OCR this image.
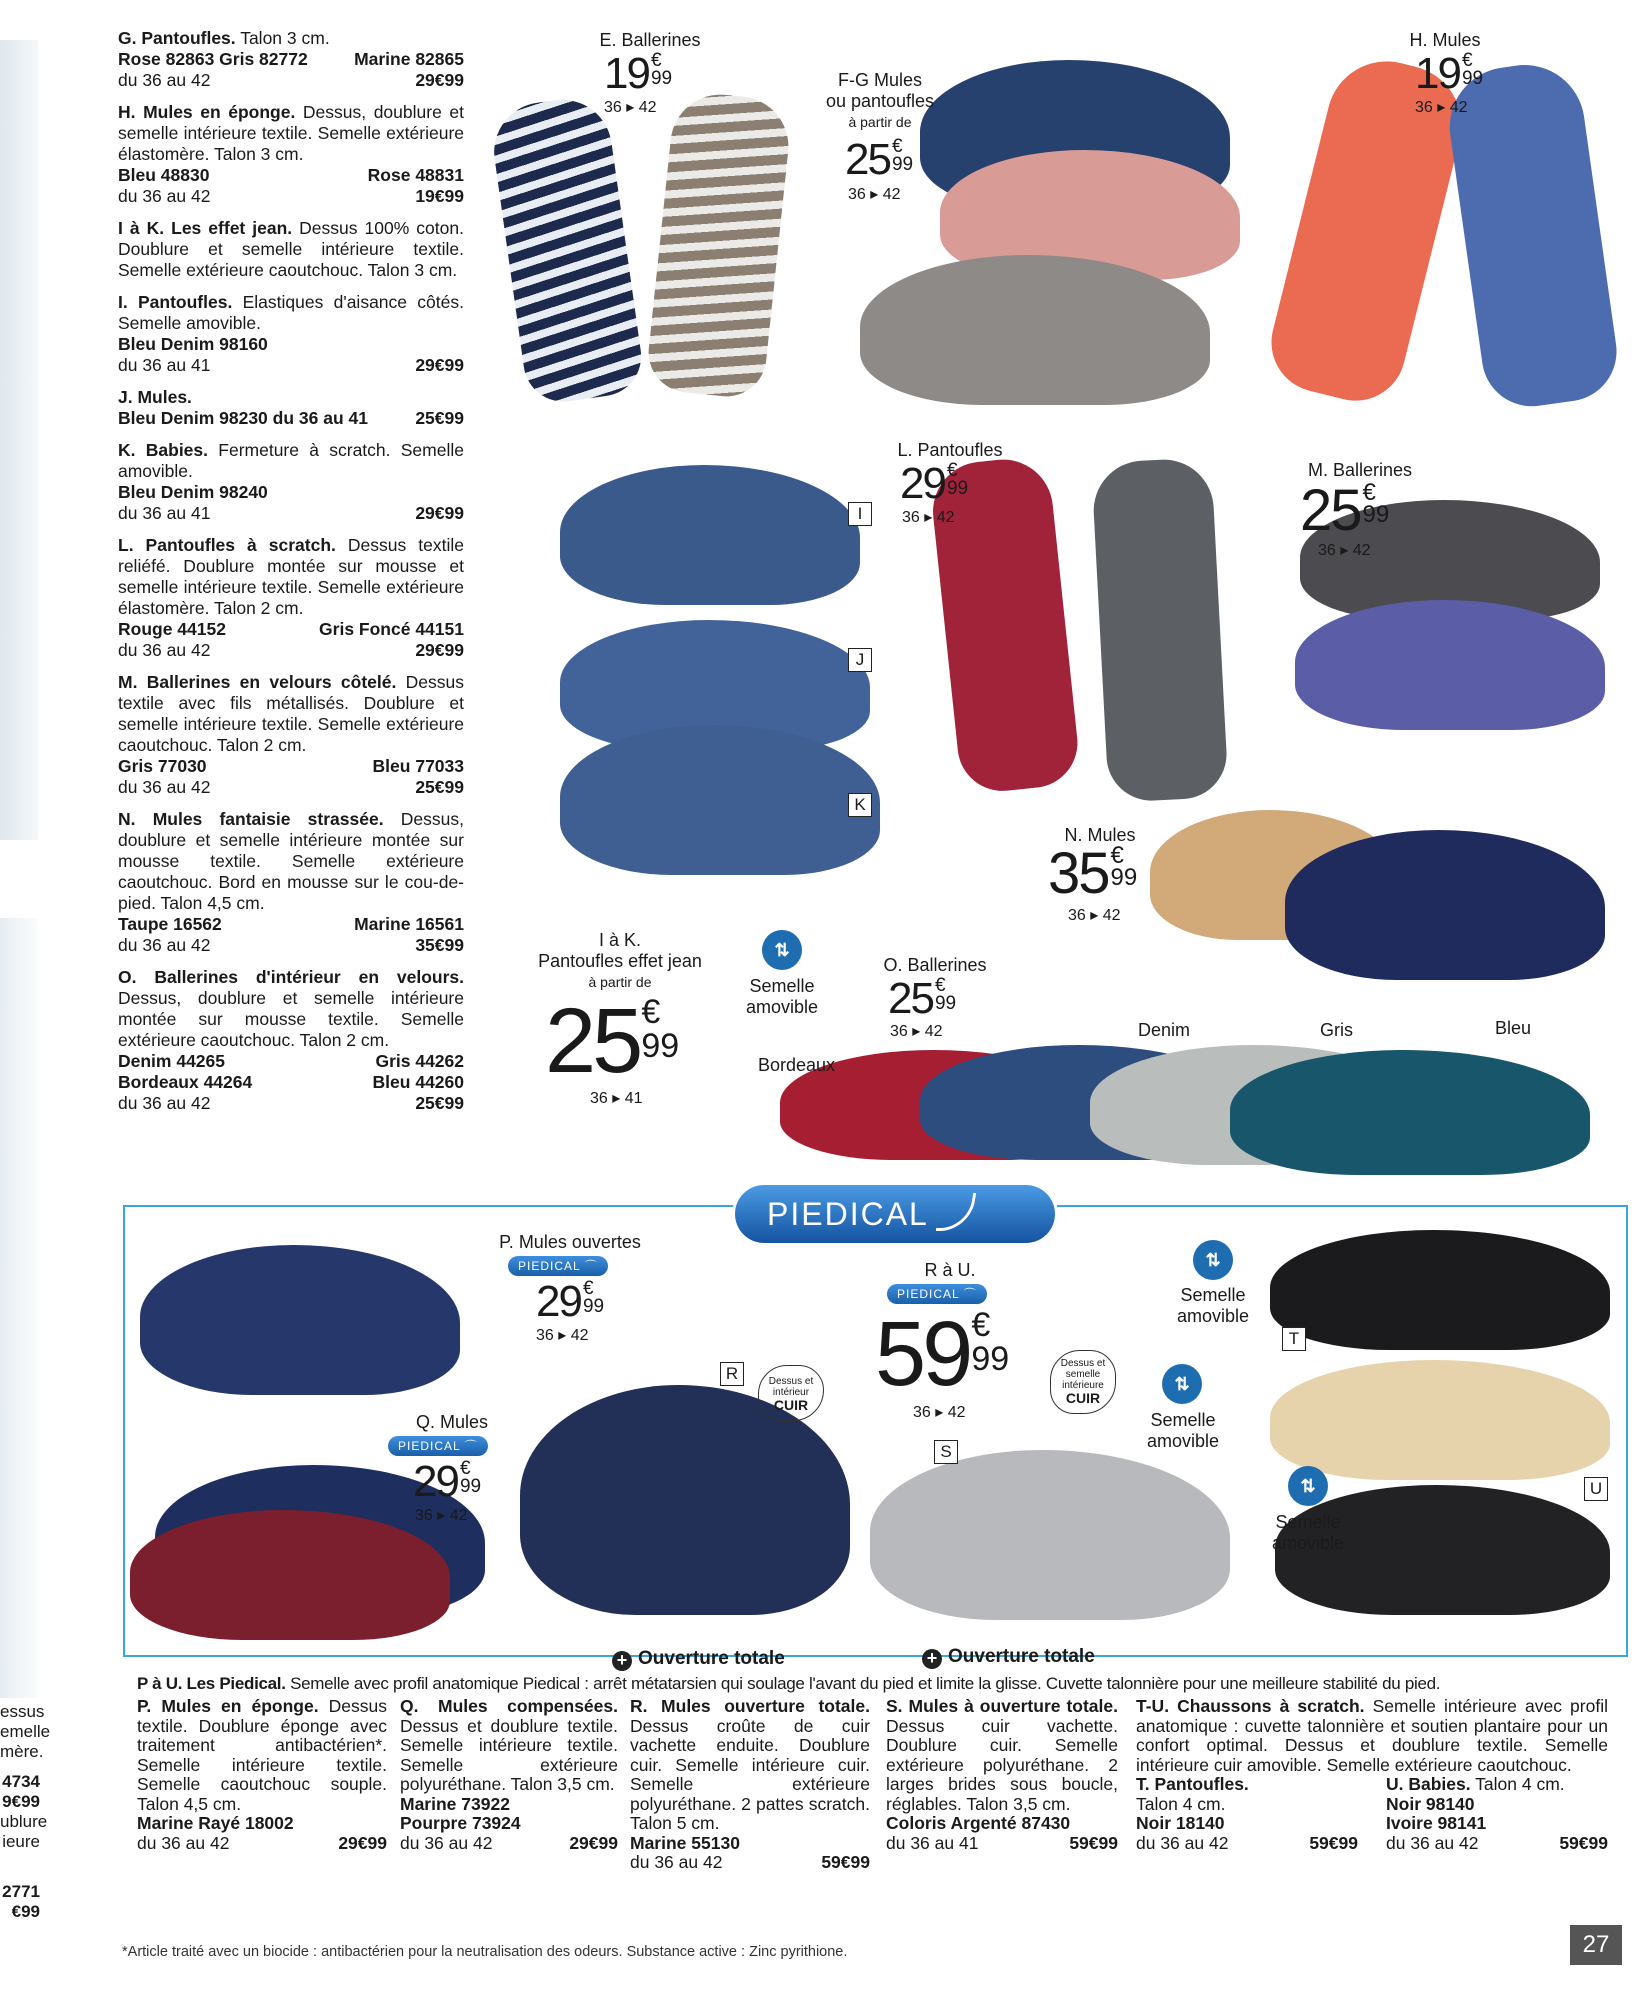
essus
emelle
mère.
4734
9€99
ublure
ieure
2771
€99
G. Pantoufles. Talon 3 cm.
Rose 82863 Gris 82772	Marine 82865
du 36 au 42	29€99
H. Mules en éponge. Dessus, doublure et semelle intérieure textile. Semelle extérieure élastomère. Talon 3 cm.
Bleu 48830	Rose 48831
du 36 au 42	19€99
I à K. Les effet jean. Dessus 100% coton. Doublure et semelle intérieure textile. Semelle extérieure caoutchouc. Talon 3 cm.
I. Pantoufles. Elastiques d'aisance côtés. Semelle amovible.
Bleu Denim 98160
du 36 au 41	29€99
J. Mules.
Bleu Denim 98230 du 36 au 41	25€99
K. Babies. Fermeture à scratch. Semelle amovible.
Bleu Denim 98240
du 36 au 41	29€99
L. Pantoufles à scratch. Dessus textile reliéfé. Doublure montée sur mousse et semelle intérieure textile. Semelle extérieure élastomère. Talon 2 cm.
Rouge 44152	Gris Foncé 44151
du 36 au 42	29€99
M. Ballerines en velours côtelé. Dessus textile avec fils métallisés. Doublure et semelle intérieure textile. Semelle extérieure caoutchouc. Talon 2 cm.
Gris 77030	Bleu 77033
du 36 au 42	25€99
N. Mules fantaisie strassée. Dessus, doublure et semelle intérieure montée sur mousse textile. Semelle extérieure caoutchouc. Bord en mousse sur le cou-de-pied. Talon 4,5 cm.
Taupe 16562	Marine 16561
du 36 au 42	35€99
O. Ballerines d'intérieur en velours. Dessus, doublure et semelle intérieure montée sur mousse textile. Semelle extérieure caoutchouc. Talon 2 cm.
Denim 44265	Gris 44262
Bordeaux 44264	Bleu 44260
du 36 au 42	25€99
E. Ballerines
19 €
99
36 ▸ 42
F-G Mules
ou pantoufles
à partir de
25 €
99
36 ▸ 42
H. Mules
19 €
99
36 ▸ 42
L. Pantoufles
29 €
99
36 ▸ 42
M. Ballerines
25€
99
36 ▸ 42
N. Mules
35€
99
36 ▸ 42
I à K.
Pantoufles effet jean
à partir de
25€
99
36 ▸ 41
⇅
Semelle
amovible
O. Ballerines
25 €
99
36 ▸ 42
Bordeaux
Denim	Gris	Bleu
I
J
K
PIEDICAL
P. Mules ouvertes
PIEDICAL ⌒
29 €
99
36 ▸ 42
Q. Mules
PIEDICAL ⌒
29 €
99
36 ▸ 42
R à U.
PIEDICAL ⌒
59€
99
36 ▸ 42
Dessus et
intérieur
CUIR
Dessus et
semelle
intérieure
CUIR
R
S
T
U
⇅
Semelle
amovible
⇅
Semelle
amovible
⇅
Semelle
amovible
+ Ouverture totale	+ Ouverture totale
P à U. Les Piedical. Semelle avec profil anatomique Piedical : arrêt métatarsien qui soulage l'avant du pied et limite la glisse. Cuvette talonnière pour une meilleure stabilité du pied.
P. Mules en éponge. Dessus textile. Doublure éponge avec traitement antibactérien*. Semelle intérieure textile. Semelle caoutchouc souple. Talon 4,5 cm.
Marine Rayé 18002
du 36 au 42	29€99
Q. Mules compensées. Dessus et doublure textile. Semelle intérieure textile. Semelle extérieure polyuréthane. Talon 3,5 cm.
Marine 73922
Pourpre 73924
du 36 au 42	29€99
R. Mules ouverture totale. Dessus croûte de cuir vachette enduite. Doublure cuir. Semelle intérieure cuir. Semelle extérieure polyuréthane. 2 pattes scratch. Talon 5 cm.
Marine 55130
du 36 au 42	59€99
S. Mules à ouverture totale. Dessus cuir vachette. Doublure cuir. Semelle extérieure polyuréthane. 2 larges brides sous boucle, réglables. Talon 3,5 cm.
Coloris Argenté 87430
du 36 au 41	59€99
T-U. Chaussons à scratch. Semelle intérieure avec profil anatomique : cuvette talonnière et soutien plantaire pour un confort optimal. Dessus et doublure textile. Semelle intérieure cuir amovible. Semelle extérieure caoutchouc.
T. Pantoufles.
Talon 4 cm.
Noir 18140
du 36 au 42	59€99
U. Babies. Talon 4 cm.
Noir 98140
Ivoire 98141
du 36 au 42	59€99
*Article traité avec un biocide : antibactérien pour la neutralisation des odeurs. Substance active : Zinc pyrithione.	27
